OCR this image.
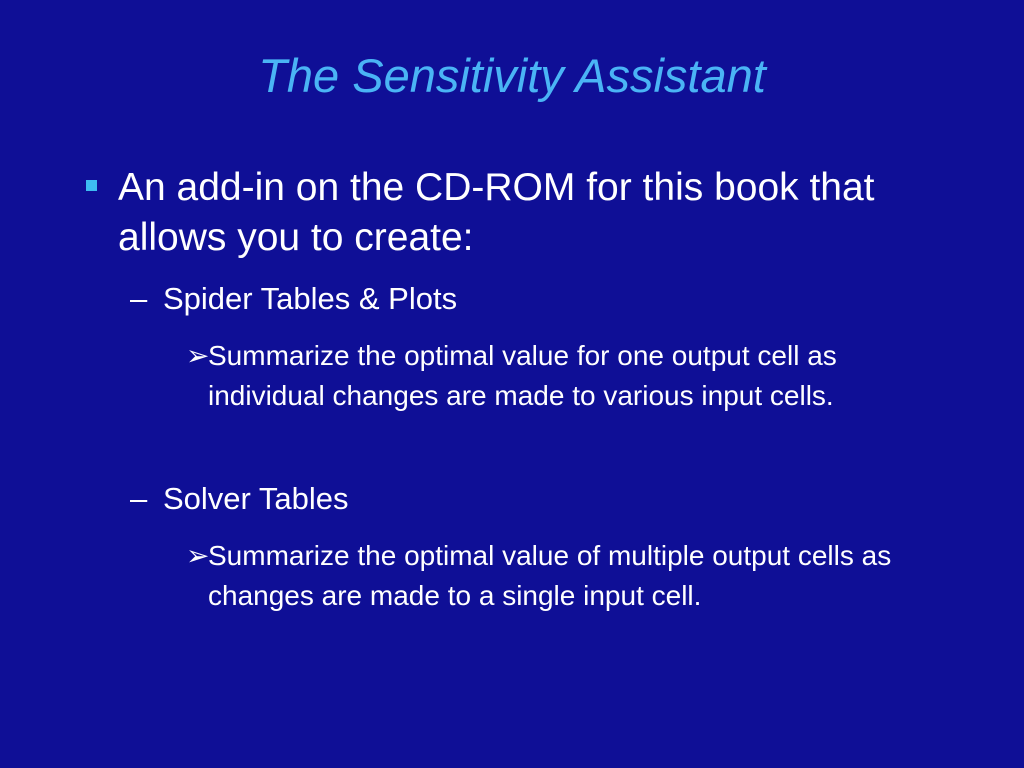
The Sensitivity Assistant
An add-in on the CD-ROM for this book that allows you to create:
– Spider Tables & Plots
➢
Summarize the optimal value for one output cell as individual changes are made to various input cells.
– Solver Tables
➢
Summarize the optimal value of multiple output cells as changes are made to a single input cell.
